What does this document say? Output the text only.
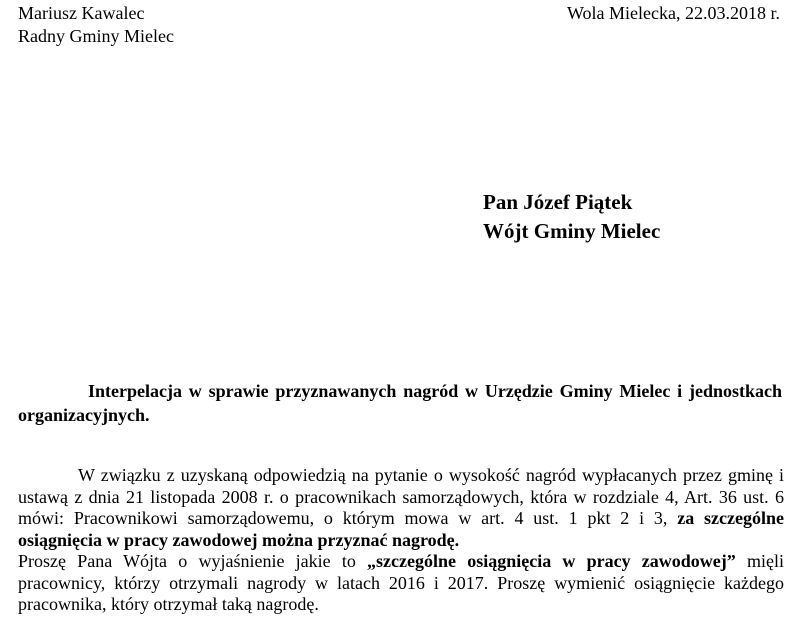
Mariusz Kawalec
Radny Gminy Mielec
Wola Mielecka, 22.03.2018 r.
Pan Józef Piątek
Wójt Gminy Mielec
Interpelacja w sprawie przyznawanych nagród w Urzędzie Gminy Mielec i jednostkach organizacyjnych.

W związku z uzyskaną odpowiedzią na pytanie o wysokość nagród wypłacanych przez gminę i ustawą z dnia 21 listopada 2008 r. o pracownikach samorządowych, która w rozdziale 4, Art. 36 ust. 6 mówi: Pracownikowi samorządowemu, o którym mowa w art. 4 ust. 1 pkt 2 i 3, za szczególne osiągnięcia w pracy zawodowej można przyznać nagrodę.

Proszę Pana Wójta o wyjaśnienie jakie to „szczególne osiągnięcia w pracy zawodowej” mięli pracownicy, którzy otrzymali nagrody w latach 2016 i 2017. Proszę wymienić osiągnięcie każdego pracownika, który otrzymał taką nagrodę.
